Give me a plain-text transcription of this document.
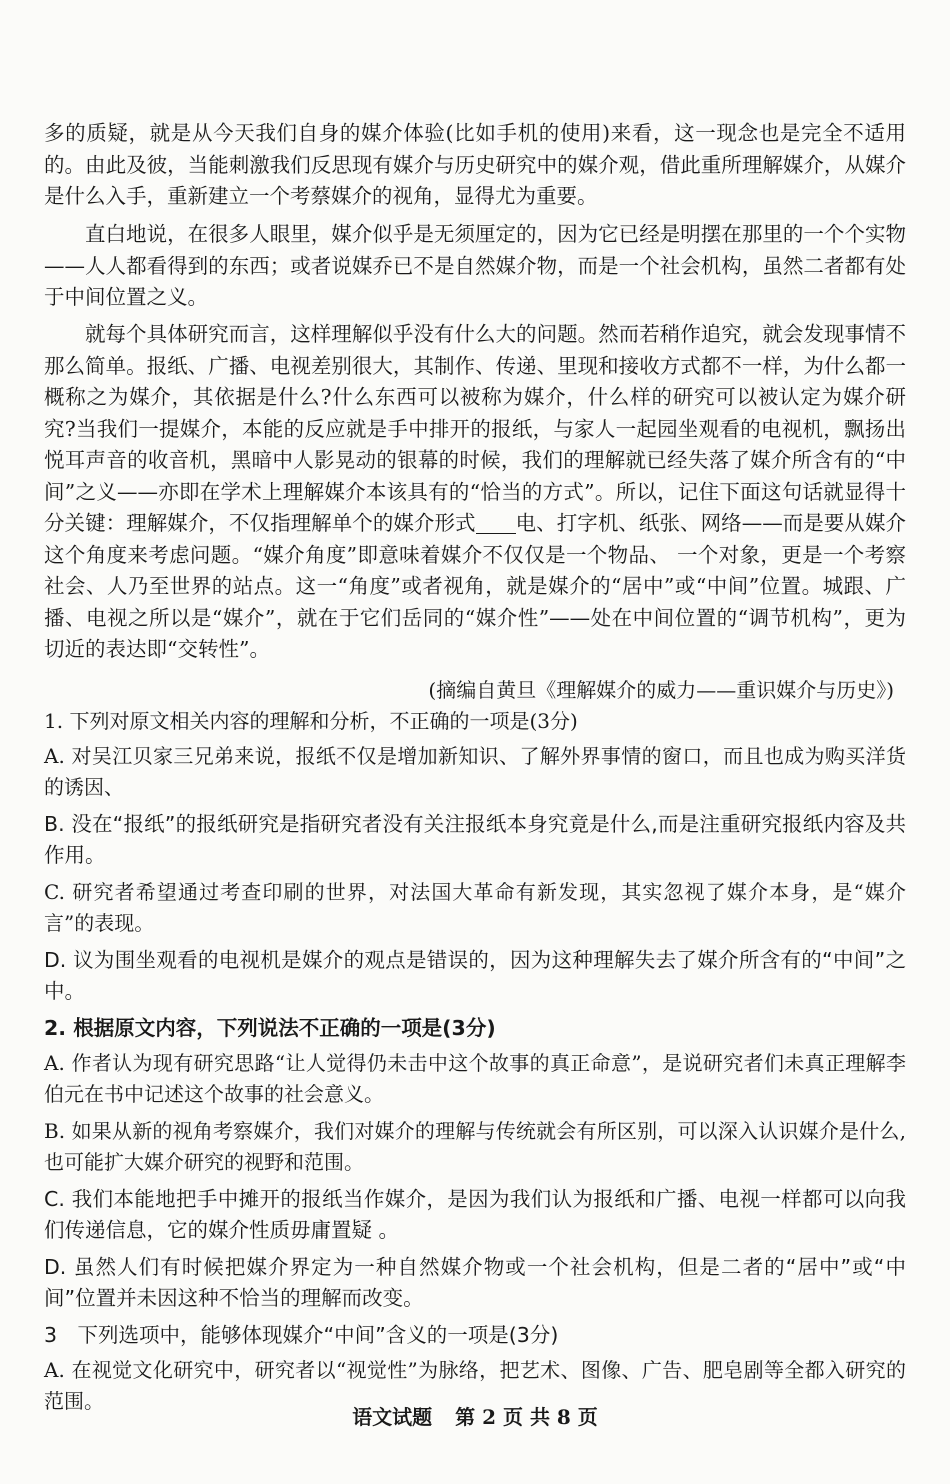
多的质疑，就是从今天我们自身的媒介体验(比如手机的使用)来看，这一现念也是完全不适用的。由此及彼，当能刺激我们反思现有媒介与历史研究中的媒介观，借此重所理解媒介，从媒介是什么入手，重新建立一个考蔡媒介的视角，显得尤为重要。
直白地说，在很多人眼里，媒介似乎是无须厘定的，因为它已经是明摆在那里的一个个实物——人人都看得到的东西；或者说媒乔已不是自然媒介物，而是一个社会机构，虽然二者都有处于中间位置之义。
就每个具体研究而言，这样理解似乎没有什么大的问题。然而若稍作追究，就会发现事情不那么简单。报纸、广播、电视差别很大，其制作、传递、里现和接收方式都不一样，为什么都一概称之为媒介，其依据是什么?什么东西可以被称为媒介，什么样的研究可以被认定为媒介研究?当我们一提媒介，本能的反应就是手中排开的报纸，与家人一起园坐观看的电视机，飘扬出悦耳声音的收音机，黑暗中人影晃动的银幕的时候，我们的理解就已经失落了媒介所含有的“中间”之义——亦即在学术上理解媒介本该具有的“恰当的方式”。所以，记住下面这句话就显得十分关键：理解媒介，不仅指理解单个的媒介形式 电、打字机、纸张、网络——而是要从媒介这个角度来考虑问题。“媒介角度”即意味着媒介不仅仅是一个物品、 一个对象，更是一个考察社会、人乃至世界的站点。这一“角度”或者视角，就是媒介的“居中”或“中间”位置。城跟、广播、电视之所以是“媒介”，就在于它们岳同的“媒介性”——处在中间位置的“调节机构”，更为切近的表达即“交转性”。
(摘编自黄旦《理解媒介的威力——重识媒介与历史》)
1. 下列对原文相关内容的理解和分析，不正确的一项是(3分)
A. 对吴江贝家三兄弟来说，报纸不仅是增加新知识、了解外界事情的窗口，而且也成为购买洋货的诱因、
B. 没在“报纸”的报纸研究是指研究者没有关注报纸本身究竟是什么,而是注重研究报纸内容及共作用。
C. 研究者希望通过考查印刷的世界，对法国大革命有新发现，其实忽视了媒介本身，是“媒介言”的表现。
D. 议为围坐观看的电视机是媒介的观点是错误的，因为这种理解失去了媒介所含有的“中间”之中。
2. 根据原文内容，下列说法不正确的一项是(3分)
A. 作者认为现有研究思路“让人觉得仍未击中这个故事的真正命意”，是说研究者们未真正理解李伯元在书中记述这个故事的社会意义。
B. 如果从新的视角考察媒介，我们对媒介的理解与传统就会有所区别，可以深入认识媒介是什么,也可能扩大媒介研究的视野和范围。
C. 我们本能地把手中摊开的报纸当作媒介，是因为我们认为报纸和广播、电视一样都可以向我们传递信息，它的媒介性质毋庸置疑 。
D. 虽然人们有时候把媒介界定为一种自然媒介物或一个社会机构，但是二者的“居中”或“中间”位置并未因这种不恰当的理解而改变。
3　下列选项中，能够体现媒介“中间”含义的一项是(3分)
A. 在视觉文化研究中，研究者以“视觉性”为脉络，把艺术、图像、广告、肥皂剧等全都入研究的范围。
语文试题 第 2 页 共 8 页
